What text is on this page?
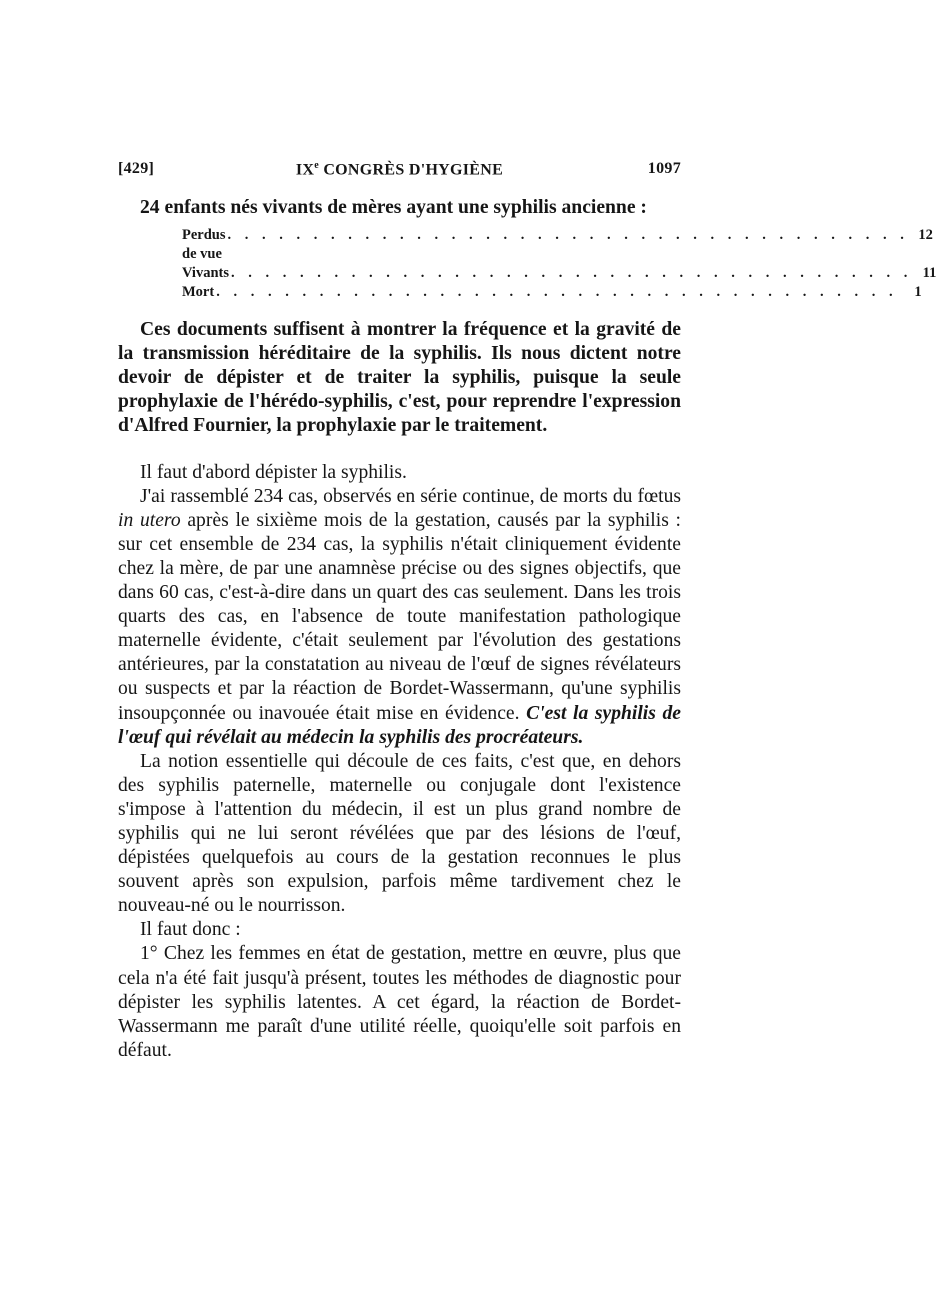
[429]	IXe CONGRÈS D'HYGIÈNE	1097

24 enfants nés vivants de mères ayant une syphilis ancienne :

Perdus de vue
. . . . . . . . . . . . . . . . . . . . . . . . . . . . . . . . . . . . . . . . 12
Vivants . . . . . . . . . . . . . . . . . . . . . . . . . . . . . . . . . . . . . . . . 11
Mort . . . . . . . . . . . . . . . . . . . . . . . . . . . . . . . . . . . . . . . .	1

Ces documents suffisent à montrer la fréquence et la gravité de la transmission héréditaire de la syphilis. Ils nous dictent notre devoir de dépister et de traiter la syphilis, puisque la seule prophylaxie de l'hérédo-syphilis, c'est, pour reprendre l'expression d'Alfred Fournier, la prophylaxie par le traitement.

Il faut d'abord dépister la syphilis.

J'ai rassemblé 234 cas, observés en série continue, de morts du fœtus in utero après le sixième mois de la gestation, causés par la syphilis : sur cet ensemble de 234 cas, la syphilis n'était cliniquement évidente chez la mère, de par une anamnèse précise ou des signes objectifs, que dans 60 cas, c'est-à-dire dans un quart des cas seulement. Dans les trois quarts des cas, en l'absence de toute manifestation pathologique maternelle évidente, c'était seulement par l'évolution des gestations antérieures, par la constatation au niveau de l'œuf de signes révélateurs ou suspects et par la réaction de Bordet-Wassermann, qu'une syphilis insoupçonnée ou inavouée était mise en évidence. C'est la syphilis de l'œuf qui révélait au médecin la syphilis des procréateurs.

La notion essentielle qui découle de ces faits, c'est que, en dehors des syphilis paternelle, maternelle ou conjugale dont l'existence s'impose à l'attention du médecin, il est un plus grand nombre de syphilis qui ne lui seront révélées que par des lésions de l'œuf, dépistées quelquefois au cours de la gestation reconnues le plus souvent après son expulsion, parfois même tardivement chez le nouveau-né ou le nourrisson.

Il faut donc :

1° Chez les femmes en état de gestation, mettre en œuvre, plus que cela n'a été fait jusqu'à présent, toutes les méthodes de diagnostic pour dépister les syphilis latentes. A cet égard, la réaction de Bordet-Wassermann me paraît d'une utilité réelle, quoiqu'elle soit parfois en défaut.
